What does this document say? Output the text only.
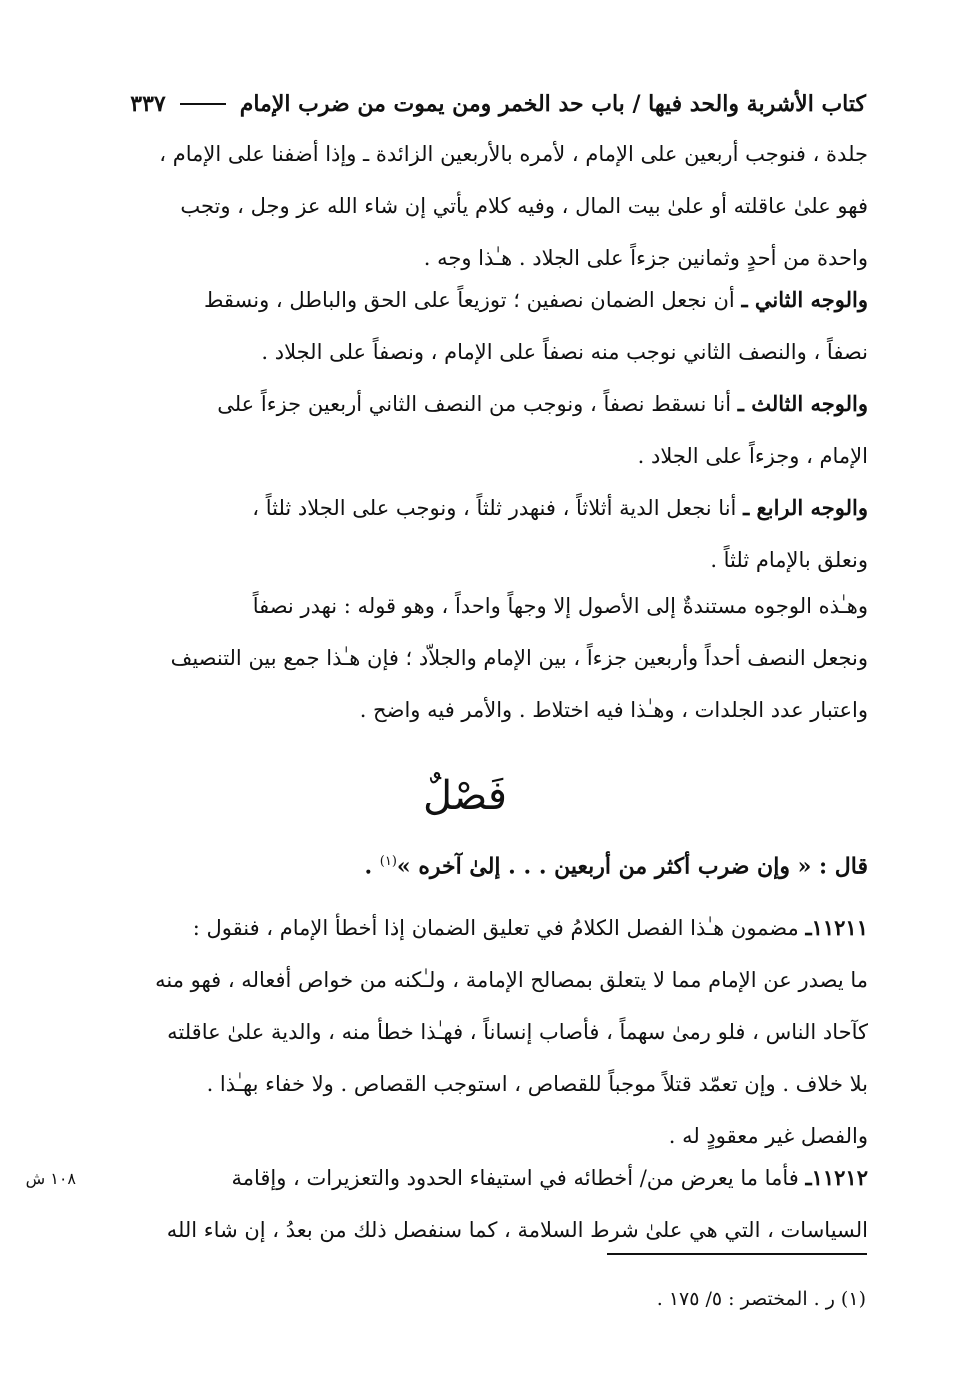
كتاب الأشربة والحد فيها / باب حد الخمر ومن يموت من ضرب الإمام
٣٣٧
جلدة ، فنوجب أربعين على الإمام ، لأمره بالأربعين الزائدة ـ وإذا أضفنا على الإمام ،
فهو علىٰ عاقلته أو علىٰ بيت المال ، وفيه كلام يأتي إن شاء الله عز وجل ، وتجب
واحدة من أحدٍ وثمانين جزءاً على الجلاد . هـٰذا وجه .
والوجه الثاني ـ أن نجعل الضمان نصفين ؛ توزيعاً على الحق والباطل ، ونسقط
نصفاً ، والنصف الثاني نوجب منه نصفاً على الإمام ، ونصفاً على الجلاد .
والوجه الثالث ـ أنا نسقط نصفاً ، ونوجب من النصف الثاني أربعين جزءاً على
الإمام ، وجزءاً على الجلاد .
والوجه الرابع ـ أنا نجعل الدية أثلاثاً ، فنهدر ثلثاً ، ونوجب على الجلاد ثلثاً ،
ونعلق بالإمام ثلثاً .
وهـٰذه الوجوه مستندةٌ إلى الأصول إلا وجهاً واحداً ، وهو قوله : نهدر نصفاً
ونجعل النصف أحداً وأربعين جزءاً ، بين الإمام والجلاّد ؛ فإن هـٰذا جمع بين التنصيف
واعتبار عدد الجلدات ، وهـٰذا فيه اختلاط . والأمر فيه واضح .
فَصْلٌ
قال : « وإن ضرب أكثر من أربعين . . . إلىٰ آخره »$^{(١)}$ .
١١٢١١ـ مضمون هـٰذا الفصل الكلامُ في تعليق الضمان إذا أخطأ الإمام ، فنقول :
ما يصدر عن الإمام مما لا يتعلق بمصالح الإمامة ، ولـٰكنه من خواص أفعاله ، فهو منه
كآحاد الناس ، فلو رمىٰ سهماً ، فأصاب إنساناً ، فهـٰذا خطأ منه ، والدية علىٰ عاقلته
بلا خلاف . وإن تعمّد قتلاً موجباً للقصاص ، استوجب القصاص . ولا خفاء بهـٰذا .
والفصل غير معقودٍ له .
١١٢١٢ـ فأما ما يعرض من/ أخطائه في استيفاء الحدود والتعزيرات ، وإقامة
السياسات ، التي هي علىٰ شرط السلامة ، كما سنفصل ذلك من بعدُ ، إن شاء الله
١٠٨ ش
(١) ر . المختصر : ٥/ ١٧٥ .
